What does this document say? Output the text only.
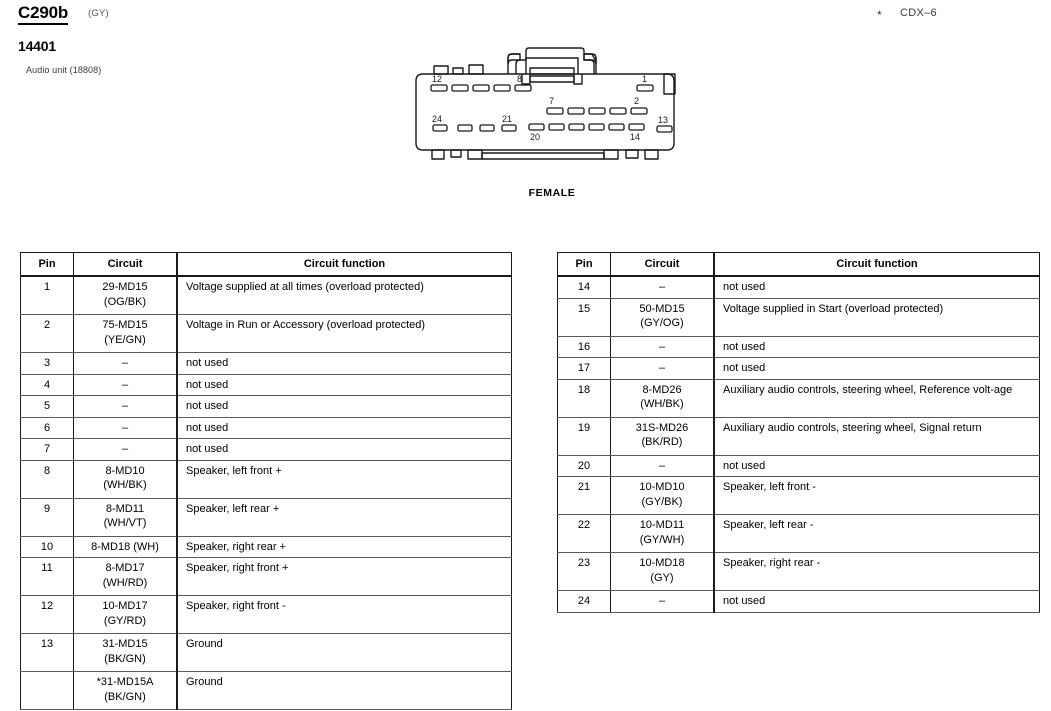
C290b (GY)
14401
Audio unit (18808)
* CDX–6
12	8	1
7	2
24	21	13
20	14
FEMALE
Pin	Circuit	Circuit function

1	29-MD15
(OG/BK)	Voltage supplied at all times (overload protected)

2	75-MD15
(YE/GN)	Voltage in Run or Accessory (overload protected)

3	–	not used

4	–	not used

5	–	not used

6	–	not used

7	–	not used

8	8-MD10
(WH/BK)	Speaker, left front +

9	8-MD11
(WH/VT)	Speaker, left rear +

10	8-MD18 (WH)	Speaker, right rear +

11	8-MD17
(WH/RD)	Speaker, right front +

12	10-MD17
(GY/RD)	Speaker, right front -

13	31-MD15
(BK/GN)	Ground

	*31-MD15A
(BK/GN)	Ground
Pin	Circuit	Circuit function

14	–	not used

15	50-MD15
(GY/OG)	Voltage supplied in Start (overload protected)

16	–	not used

17	–	not used

18	8-MD26
(WH/BK)	Auxiliary audio controls, steering wheel, Reference volt-age

19	31S-MD26
(BK/RD)	Auxiliary audio controls, steering wheel, Signal return

20	–	not used

21	10-MD10
(GY/BK)	Speaker, left front -

22	10-MD11
(GY/WH)	Speaker, left rear -

23	10-MD18
(GY)	Speaker, right rear -

24	–	not used
